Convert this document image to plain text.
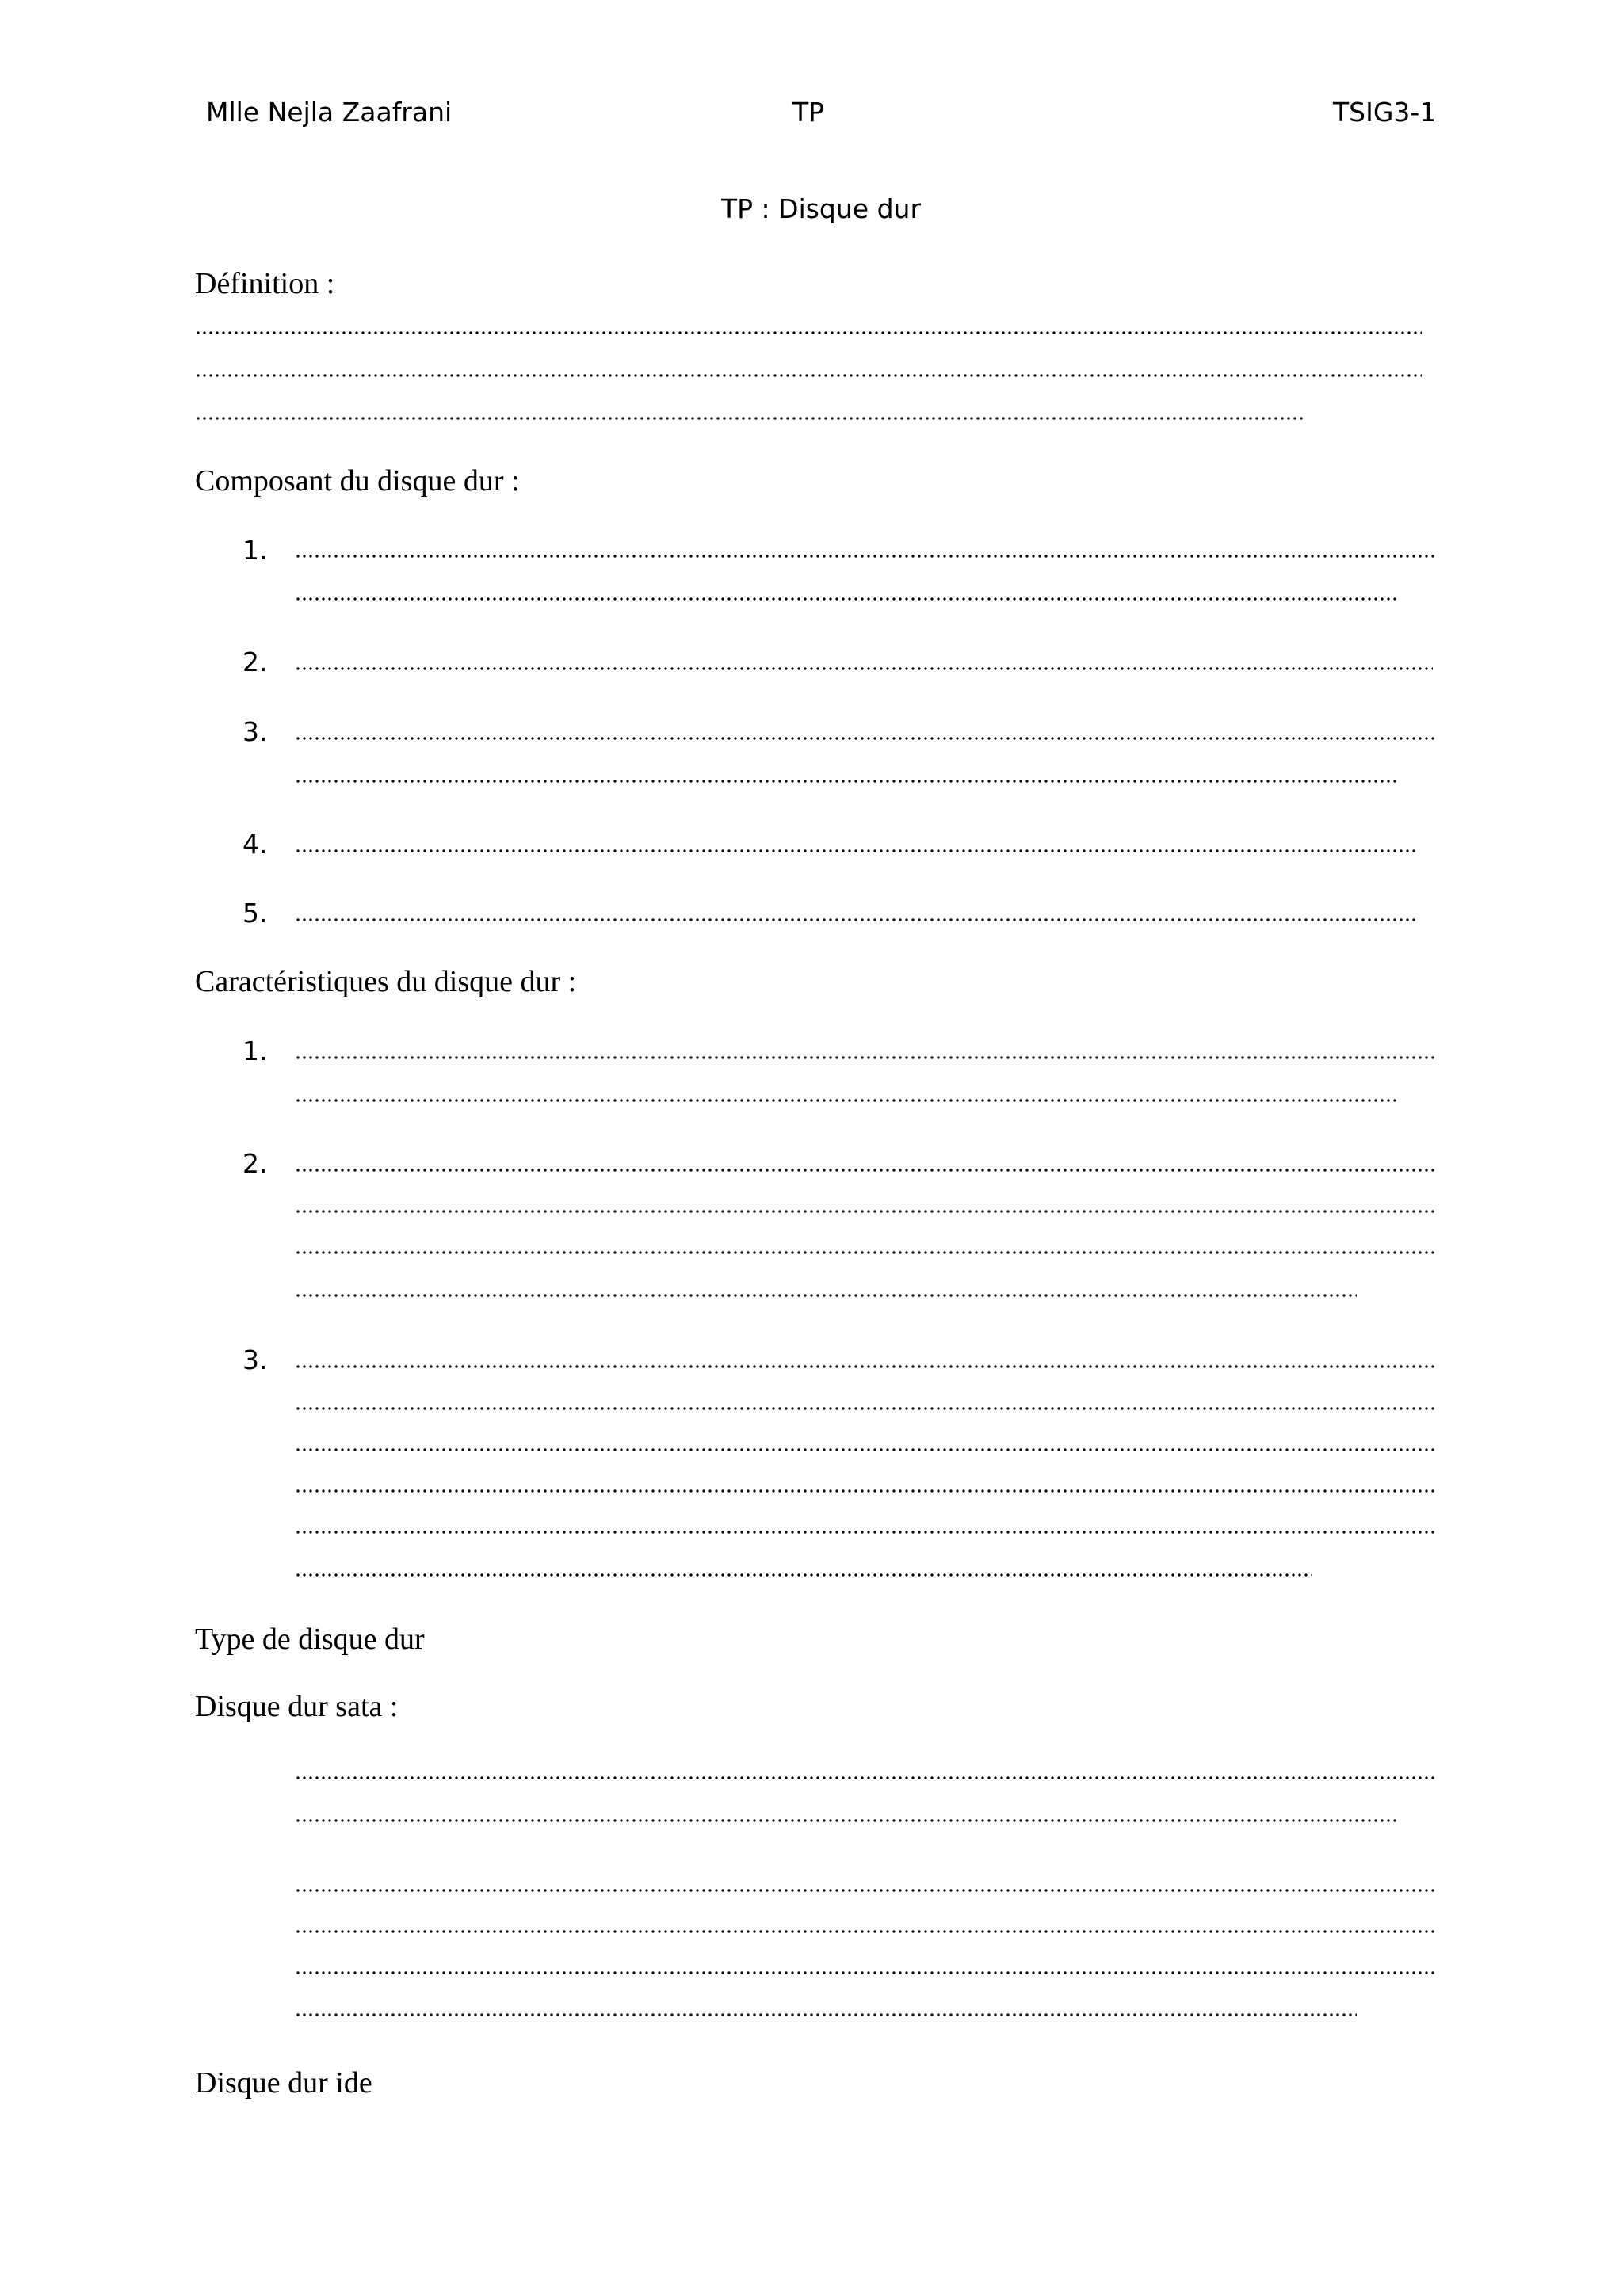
Mlle Nejla Zaafrani	TP	TSIG3-1
TP : Disque dur
Définition :
Composant du disque dur :
1.
2.
3.
4.
5.
Caractéristiques du disque dur :
1.
2.
3.
Type de disque dur
Disque dur sata :
Disque dur ide
